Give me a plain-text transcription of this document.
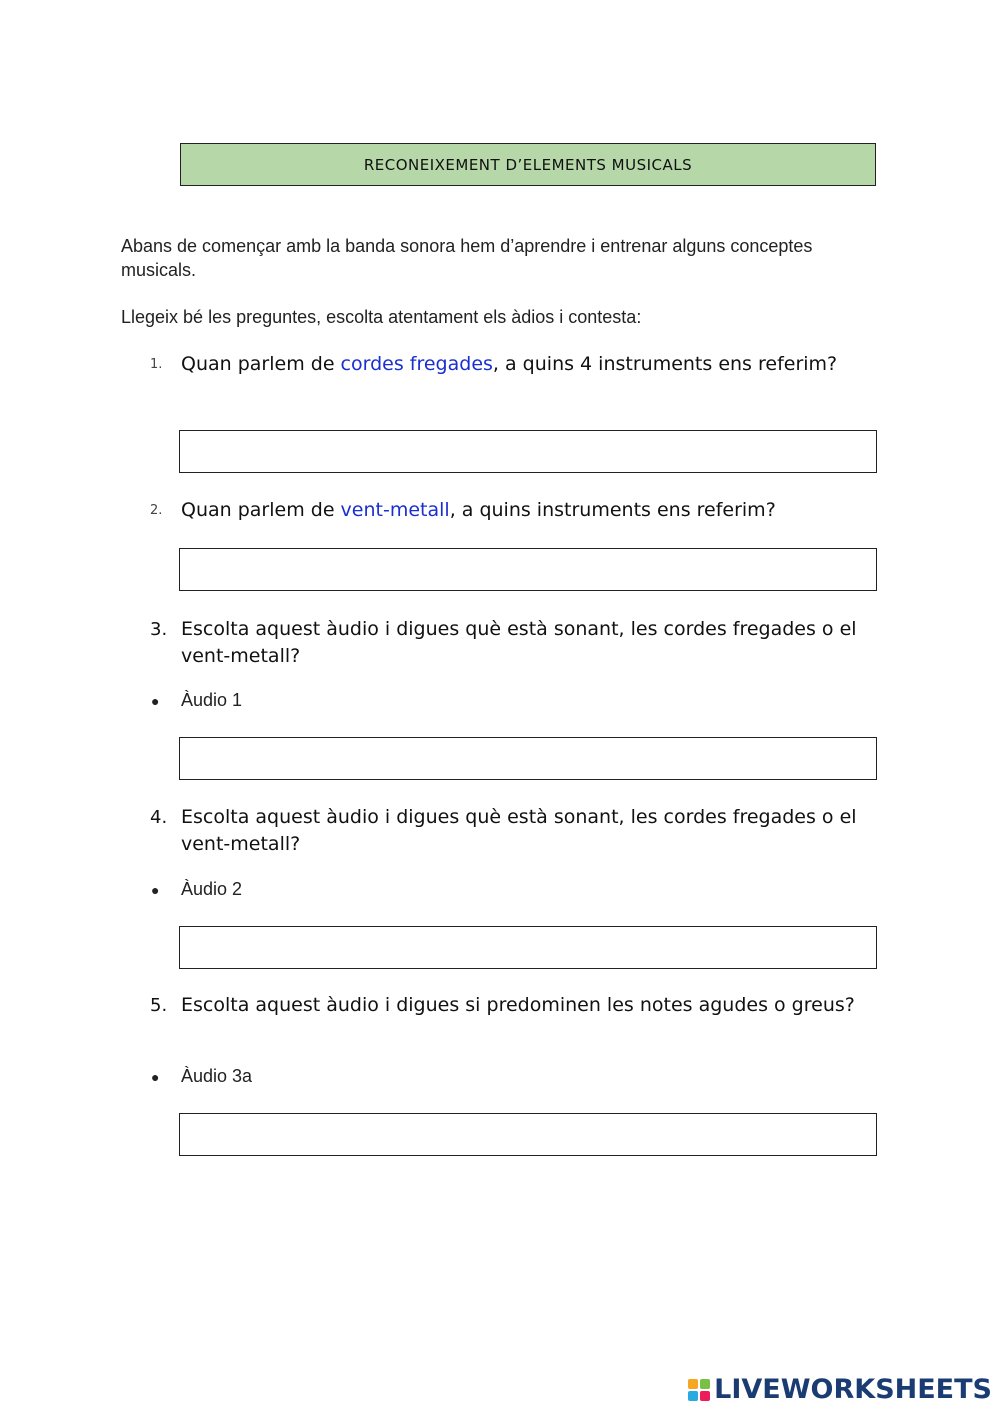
RECONEIXEMENT D’ELEMENTS MUSICALS
Abans de començar amb la banda sonora hem d’aprendre i entrenar alguns conceptes musicals.
Llegeix bé les preguntes, escolta atentament els àdios i contesta:
1. Quan parlem de cordes fregades, a quins 4 instruments ens referim?
2. Quan parlem de vent-metall, a quins instruments ens referim?
3. Escolta aquest àudio i digues què està sonant, les cordes fregades o el vent-metall?
●	Àudio 1
4. Escolta aquest àudio i digues què està sonant, les cordes fregades o el vent-metall?
●	Àudio 2
5. Escolta aquest àudio i digues si predominen les notes agudes o greus?
●	Àudio 3a
LIVEWORKSHEETS
